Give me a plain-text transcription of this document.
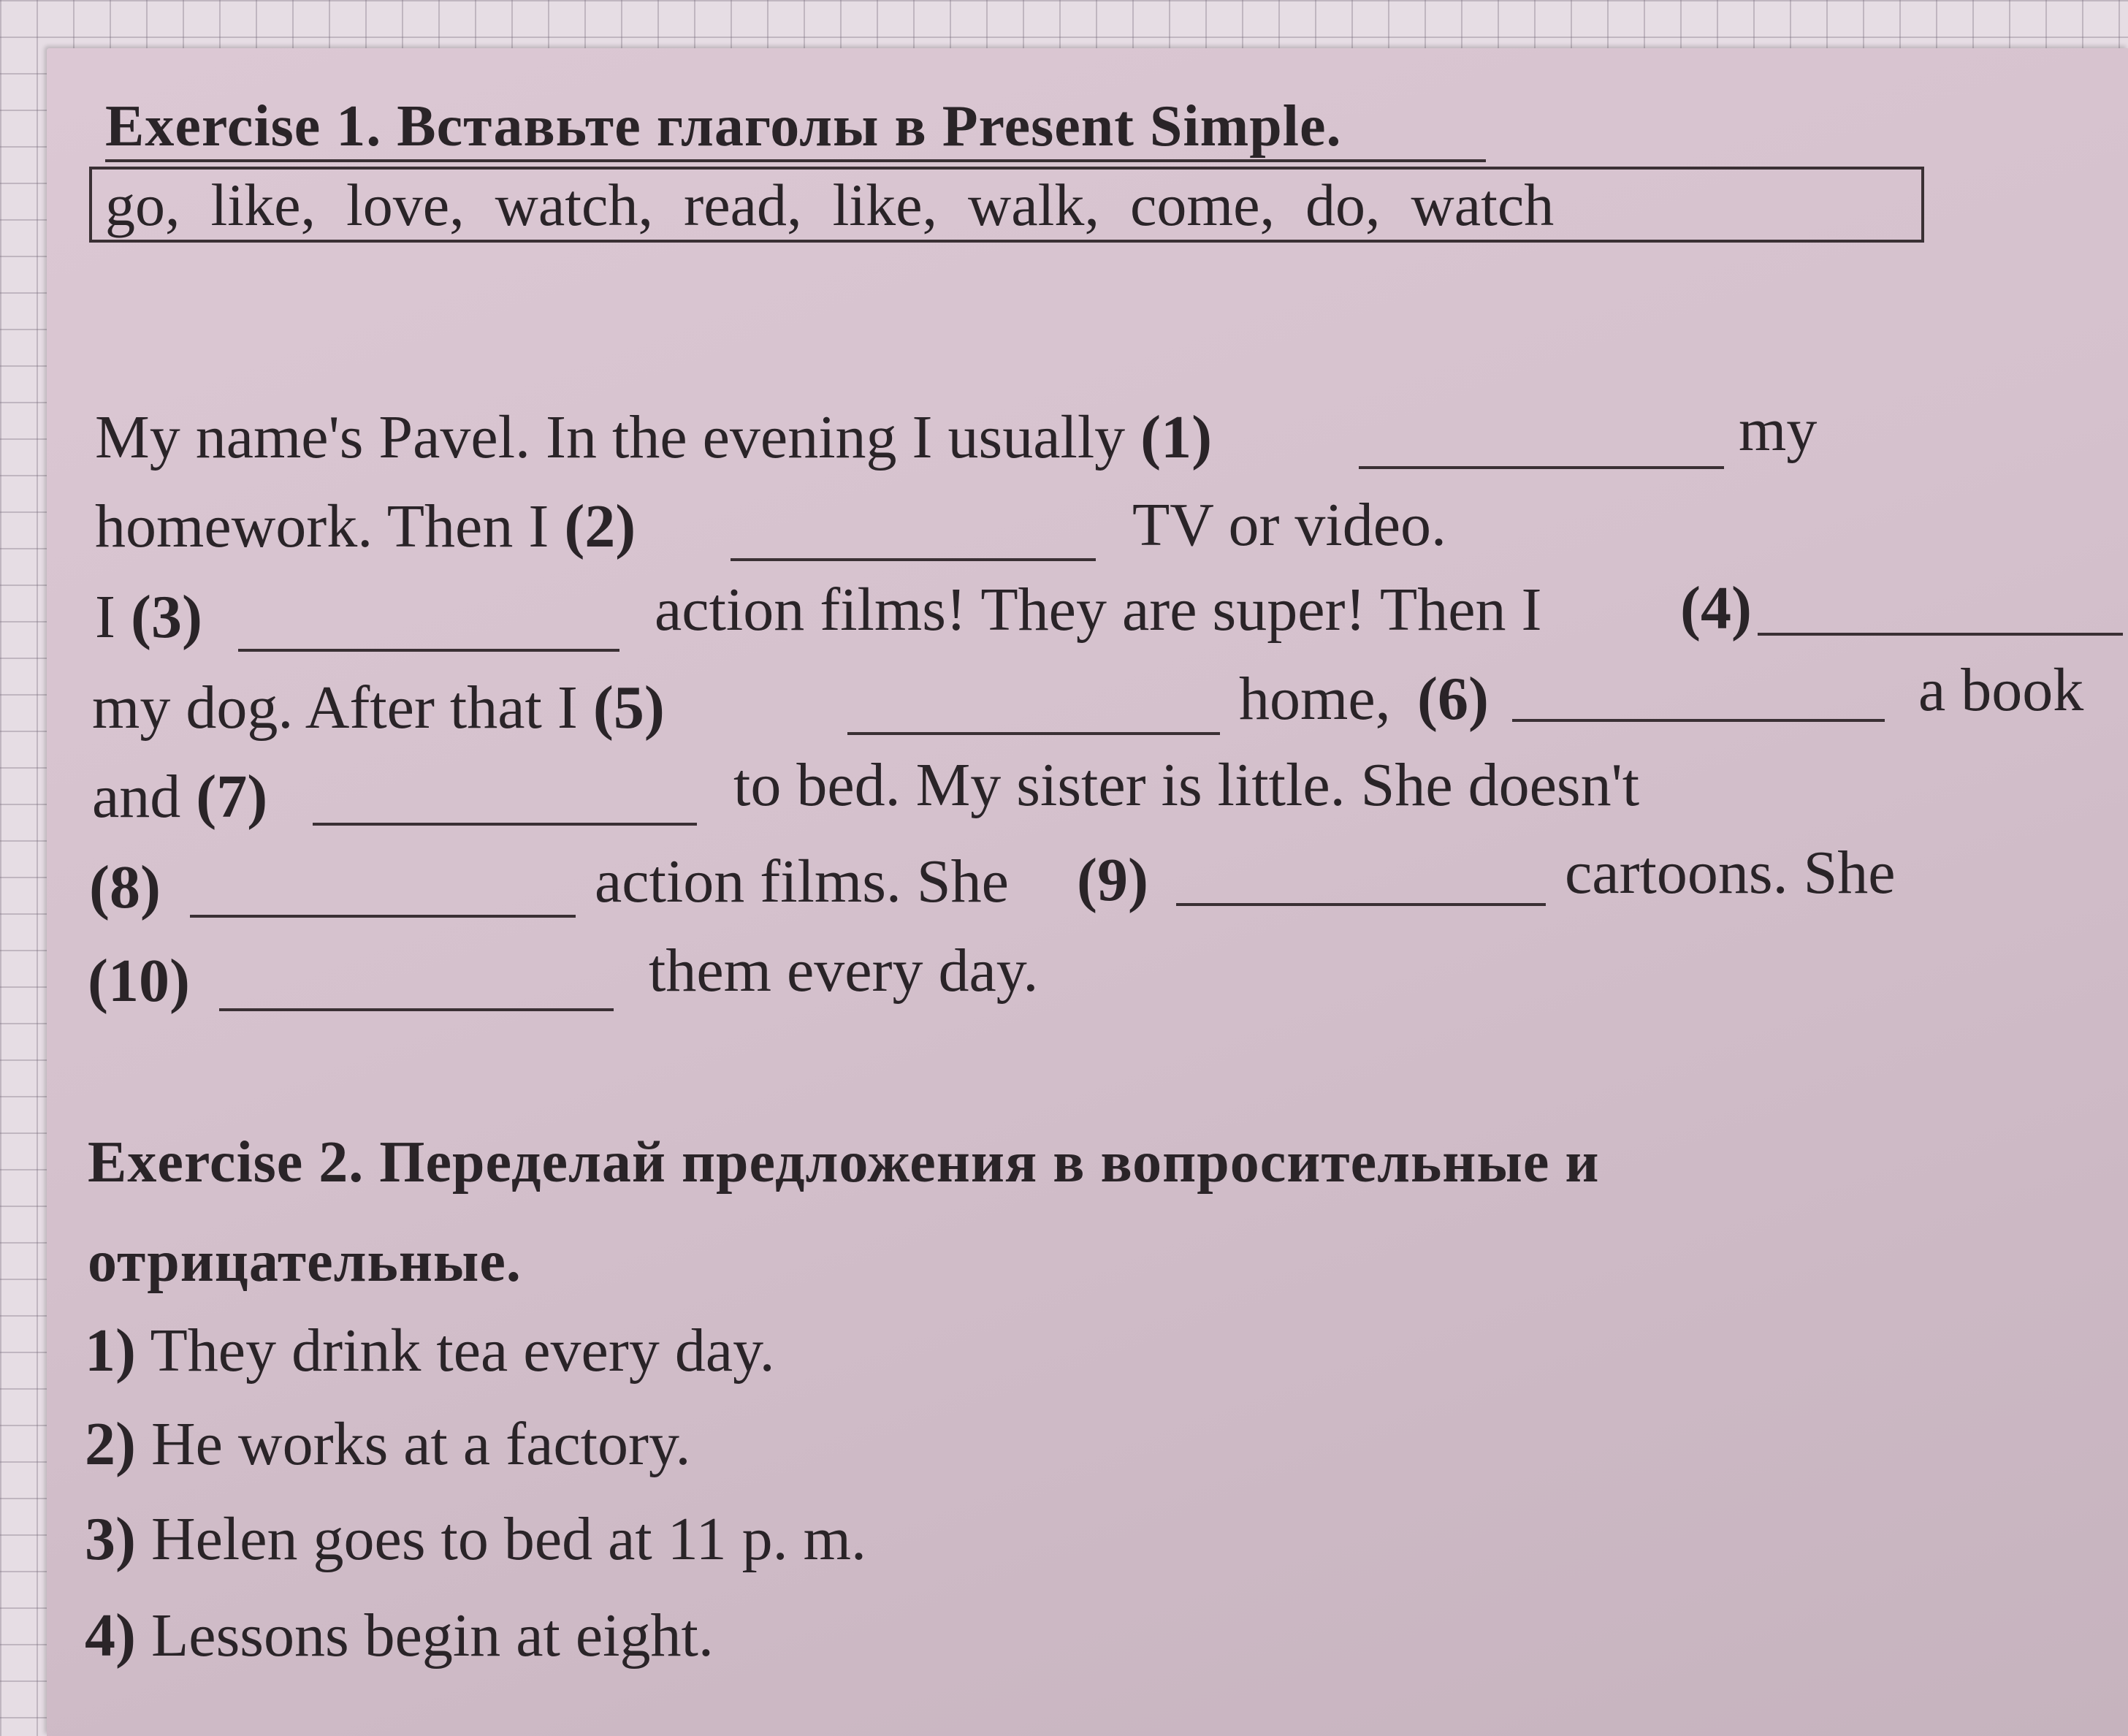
Exercise 1. Вставьте глаголы в Present Simple.
go , like , love , watch , read , like , walk , come , do , watch
My name's Pavel. In the evening I usually (1)	my
homework. Then I (2)	TV or video.
I (3)	action films! They are super! Then I (4)
my dog. After that I (5)	home, (6)	a book
and (7)	to bed. My sister is little. She doesn't
(8)	action films. She (9)	cartoons. She
(10)	them every day.
Exercise 2. Переделай предложения в вопросительные и
отрицательные.
1) They drink tea every day.
2) He works at a factory.
3) Helen goes to bed at 11 p. m.
4) Lessons begin at eight.
